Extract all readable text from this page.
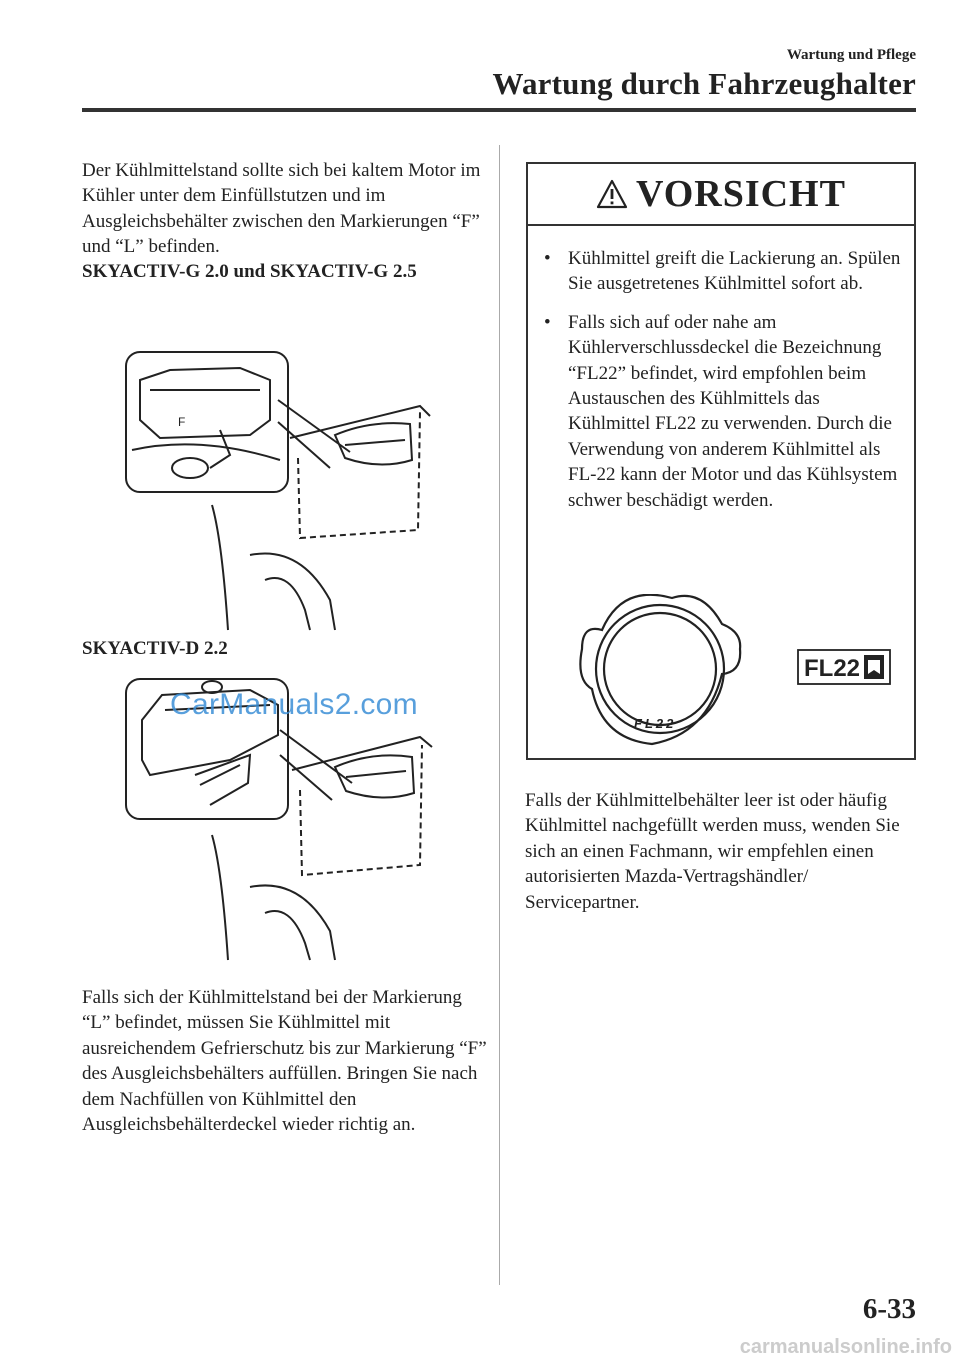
Wartung und Pflege
Wartung durch Fahrzeughalter
Der Kühlmittelstand sollte sich bei kaltem Motor im Kühler unter dem Einfüllstutzen und im Ausgleichsbehälter zwischen den Markierungen “F” und “L” befinden.
SKYACTIV-G 2.0 und SKYACTIV-G 2.5
F
SKYACTIV-D 2.2
CarManuals2.com
Falls sich der Kühlmittelstand bei der Markierung “L” befindet, müssen Sie Kühlmittel mit ausreichendem Gefrierschutz bis zur Markierung “F” des Ausgleichsbehälters auffüllen. Bringen Sie nach dem Nachfüllen von Kühlmittel den Ausgleichsbehälterdeckel wieder richtig an.
VORSICHT
• Kühlmittel greift die Lackierung an. Spülen Sie ausgetretenes Kühlmittel sofort ab.
• Falls sich auf oder nahe am Kühlerverschlussdeckel die Bezeichnung “FL22” befindet, wird empfohlen beim Austauschen des Kühlmittels das Kühlmittel FL22 zu verwenden. Durch die Verwendung von anderem Kühlmittel als FL-22 kann der Motor und das Kühlsystem schwer beschädigt werden.
FL22
FL22
Falls der Kühlmittelbehälter leer ist oder häufig Kühlmittel nachgefüllt werden muss, wenden Sie sich an einen Fachmann, wir empfehlen einen autorisierten Mazda-Vertragshändler/ Servicepartner.
6-33
carmanualsonline.info
